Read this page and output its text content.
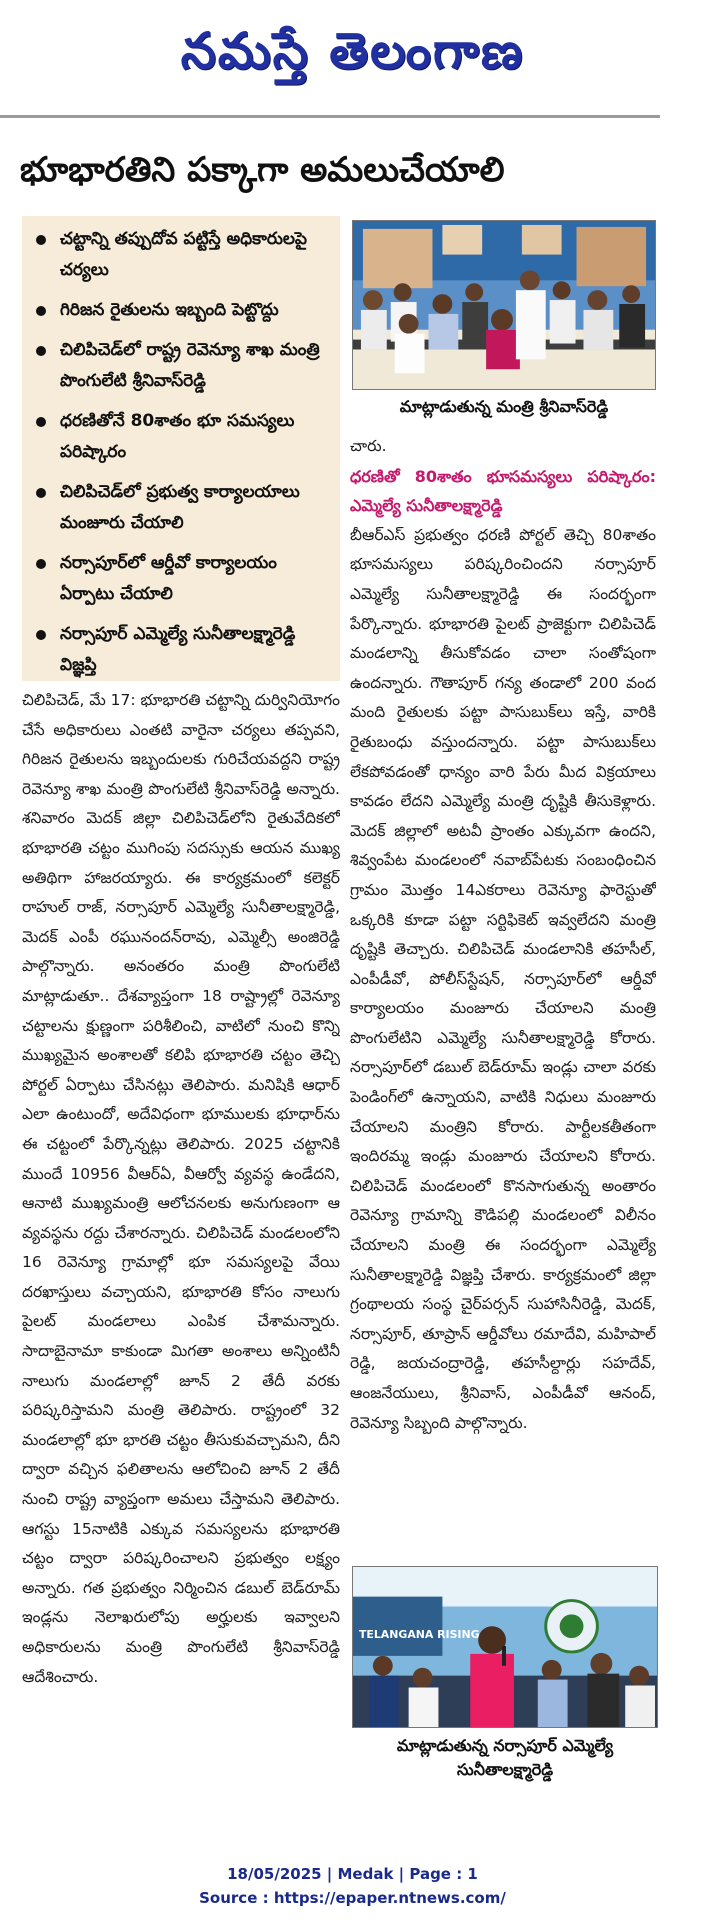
నమస్తే తెలంగాణ
భూభారతిని పక్కాగా అమలుచేయాలి
చట్టాన్ని తప్పుదోవ పట్టిస్తే అధికారులపై చర్యలు
గిరిజన రైతులను ఇబ్బంది పెట్టొద్దు
చిలిపిచెడ్‌లో రాష్ట్ర రెవెన్యూ శాఖ మంత్రి పొంగులేటి శ్రీనివాస్‌రెడ్డి
ధరణితోనే 80శాతం భూ సమస్యలు పరిష్కారం
చిలిపిచెడ్‌లో ప్రభుత్వ కార్యాలయాలు మంజూరు చేయాలి
నర్సాపూర్‌లో ఆర్డీవో కార్యాలయం ఏర్పాటు చేయాలి
నర్సాపూర్ ఎమ్మెల్యే సునీతాలక్ష్మారెడ్డి విజ్ఞప్తి
మాట్లాడుతున్న మంత్రి శ్రీనివాస్‌రెడ్డి

చిలిపిచెడ్, మే 17: భూభారతి చట్టాన్ని దుర్వినియోగం చేసే అధికారులు ఎంతటి వారైనా చర్యలు తప్పవని, గిరిజన రైతులను ఇబ్బందులకు గురిచేయవద్దని రాష్ట్ర రెవెన్యూ శాఖ మంత్రి పొంగులేటి శ్రీనివాస్‌రెడ్డి అన్నారు. శనివారం మెదక్ జిల్లా చిలిపిచెడ్‌లోని రైతువేదికలో భూభారతి చట్టం ముగింపు సదస్సుకు ఆయన ముఖ్య అతిథిగా హాజరయ్యారు. ఈ కార్యక్రమంలో కలెక్టర్ రాహుల్ రాజ్, నర్సాపూర్ ఎమ్మెల్యే సునీతాలక్ష్మారెడ్డి, మెదక్ ఎంపీ రఘునందన్‌రావు, ఎమ్మెల్సీ అంజిరెడ్డి పాల్గొన్నారు. అనంతరం మంత్రి పొంగులేటి మాట్లాడుతూ.. దేశవ్యాప్తంగా 18 రాష్ట్రాల్లో రెవెన్యూ చట్టాలను క్షుణ్ణంగా పరిశీలించి, వాటిలో నుంచి కొన్ని ముఖ్యమైన అంశాలతో కలిపి భూభారతి చట్టం తెచ్చి పోర్టల్ ఏర్పాటు చేసినట్లు తెలిపారు. మనిషికి ఆధార్ ఎలా ఉంటుందో, అదేవిధంగా భూములకు భూధార్‌ను ఈ చట్టంలో పేర్కొన్నట్లు తెలిపారు. 2025 చట్టానికి ముందే 10956 వీఆర్‌ఏ, వీఆర్వో వ్యవస్థ ఉండేదని, ఆనాటి ముఖ్యమంత్రి ఆలోచనలకు అనుగుణంగా ఆ వ్యవస్థను రద్దు చేశారన్నారు. చిలిపిచెడ్ మండలంలోని 16 రెవెన్యూ గ్రామాల్లో భూ సమస్యలపై వేయి దరఖాస్తులు వచ్చాయని, భూభారతి కోసం నాలుగు పైలట్ మండలాలు ఎంపిక చేశామన్నారు. సాదాబైనామా కాకుండా మిగతా అంశాలు అన్నింటినీ నాలుగు మండలాల్లో జూన్ 2 తేదీ వరకు పరిష్కరిస్తామని మంత్రి తెలిపారు. రాష్ట్రంలో 32 మండలాల్లో భూ భారతి చట్టం తీసుకువచ్చామని, దీని ద్వారా వచ్చిన ఫలితాలను ఆలోచించి జూన్ 2 తేదీ నుంచి రాష్ట్ర వ్యాప్తంగా అమలు చేస్తామని తెలిపారు. ఆగస్టు 15నాటికి ఎక్కువ సమస్యలను భూభారతి చట్టం ద్వారా పరిష్కరించాలని ప్రభుత్వం లక్ష్యం అన్నారు. గత ప్రభుత్వం నిర్మించిన డబుల్ బెడ్‌రూమ్ ఇండ్లను నెలాఖరులోపు అర్హులకు ఇవ్వాలని అధికారులను మంత్రి పొంగులేటి శ్రీనివాస్‌రెడ్డి ఆదేశించారు.

చారు.

ధరణితో 80శాతం భూసమస్యలు పరిష్కారం: ఎమ్మెల్యే సునీతాలక్ష్మారెడ్డి

బీఆర్‌ఎస్ ప్రభుత్వం ధరణి పోర్టల్ తెచ్చి 80శాతం భూసమస్యలు పరిష్కరించిందని నర్సాపూర్ ఎమ్మెల్యే సునీతాలక్ష్మారెడ్డి ఈ సందర్భంగా పేర్కొన్నారు. భూభారతి పైలట్ ప్రాజెక్టుగా చిలిపిచెడ్ మండలాన్ని తీసుకోవడం చాలా సంతోషంగా ఉందన్నారు. గౌతాపూర్ గన్య తండాలో 200 వంద మంది రైతులకు పట్టా పాసుబుక్‌లు ఇస్తే, వారికి రైతుబంధు వస్తుందన్నారు. పట్టా పాసుబుక్‌లు లేకపోవడంతో ధాన్యం వారి పేరు మీద విక్రయాలు కావడం లేదని ఎమ్మెల్యే మంత్రి దృష్టికి తీసుకెళ్లారు. మెదక్ జిల్లాలో అటవీ ప్రాంతం ఎక్కువగా ఉందని, శివ్వంపేట మండలంలో నవాబ్‌పేటకు సంబంధించిన గ్రామం మొత్తం 14ఎకరాలు రెవెన్యూ ఫారెస్టుతో ఒక్కరికి కూడా పట్టా సర్టిఫికెట్ ఇవ్వలేదని మంత్రి దృష్టికి తెచ్చారు. చిలిపిచెడ్ మండలానికి తహసీల్, ఎంపీడీవో, పోలీస్‌స్టేషన్, నర్సాపూర్‌లో ఆర్డీవో కార్యాలయం మంజూరు చేయాలని మంత్రి పొంగులేటిని ఎమ్మెల్యే సునీతాలక్ష్మారెడ్డి కోరారు. నర్సాపూర్‌లో డబుల్ బెడ్‌రూమ్ ఇండ్లు చాలా వరకు పెండింగ్‌లో ఉన్నాయని, వాటికి నిధులు మంజూరు చేయాలని మంత్రిని కోరారు. పార్టీలకతీతంగా ఇందిరమ్మ ఇండ్లు మంజూరు చేయాలని కోరారు. చిలిపిచెడ్ మండలంలో కొనసాగుతున్న అంతారం రెవెన్యూ గ్రామాన్ని కౌడిపల్లి మండలంలో విలీనం చేయాలని మంత్రి ఈ సందర్భంగా ఎమ్మెల్యే సునీతాలక్ష్మారెడ్డి విజ్ఞప్తి చేశారు. కార్యక్రమంలో జిల్లా గ్రంథాలయ సంస్థ చైర్‌పర్సన్ సుహాసినీరెడ్డి, మెదక్, నర్సాపూర్, తూప్రాన్ ఆర్డీవోలు రమాదేవి, మహిపాల్ రెడ్డి, జయచంద్రారెడ్డి, తహసీల్దార్లు సహదేవ్, ఆంజనేయులు, శ్రీనివాస్, ఎంపీడీవో ఆనంద్, రెవెన్యూ సిబ్బంది పాల్గొన్నారు.

TELANGANA RISING
మాట్లాడుతున్న నర్సాపూర్ ఎమ్మెల్యే సునీతాలక్ష్మారెడ్డి
18/05/2025 | Medak | Page : 1
Source : https://epaper.ntnews.com/
